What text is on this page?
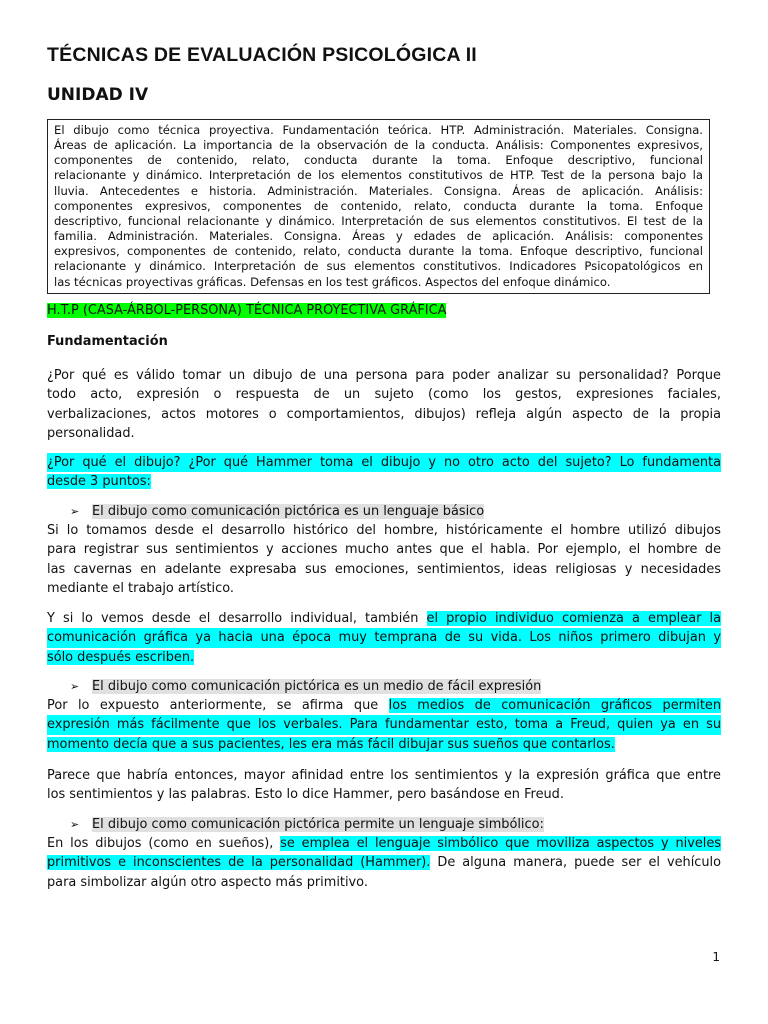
TÉCNICAS DE EVALUACIÓN PSICOLÓGICA II
UNIDAD IV
El dibujo como técnica proyectiva. Fundamentación teórica. HTP. Administración. Materiales. Consigna.
Áreas de aplicación. La importancia de la observación de la conducta. Análisis: Componentes expresivos,
componentes de contenido, relato, conducta durante la toma. Enfoque descriptivo, funcional
relacionante y dinámico. Interpretación de los elementos constitutivos de HTP. Test de la persona bajo la
lluvia. Antecedentes e historia. Administración. Materiales. Consigna. Áreas de aplicación. Análisis:
componentes expresivos, componentes de contenido, relato, conducta durante la toma. Enfoque
descriptivo, funcional relacionante y dinámico. Interpretación de sus elementos constitutivos. El test de la
familia. Administración. Materiales. Consigna. Áreas y edades de aplicación. Análisis: componentes
expresivos, componentes de contenido, relato, conducta durante la toma. Enfoque descriptivo, funcional
relacionante y dinámico. Interpretación de sus elementos constitutivos. Indicadores Psicopatológicos en
las técnicas proyectivas gráficas. Defensas en los test gráficos. Aspectos del enfoque dinámico.

H.T.P (CASA-ÁRBOL-PERSONA) TÉCNICA PROYECTIVA GRÁFICA

Fundamentación

¿Por qué es válido tomar un dibujo de una persona para poder analizar su personalidad? Porque
todo acto, expresión o respuesta de un sujeto (como los gestos, expresiones faciales,
verbalizaciones, actos motores o comportamientos, dibujos) refleja algún aspecto de la propia
personalidad.

¿Por qué el dibujo? ¿Por qué Hammer toma el dibujo y no otro acto del sujeto? Lo fundamenta
desde 3 puntos:

➢ El dibujo como comunicación pictórica es un lenguaje básico

Si lo tomamos desde el desarrollo histórico del hombre, históricamente el hombre utilizó dibujos
para registrar sus sentimientos y acciones mucho antes que el habla. Por ejemplo, el hombre de
las cavernas en adelante expresaba sus emociones, sentimientos, ideas religiosas y necesidades
mediante el trabajo artístico.

Y si lo vemos desde el desarrollo individual, también el propio individuo comienza a emplear la
comunicación gráfica ya hacia una época muy temprana de su vida. Los niños primero dibujan y
sólo después escriben.

➢ El dibujo como comunicación pictórica es un medio de fácil expresión

Por lo expuesto anteriormente, se afirma que los medios de comunicación gráficos permiten
expresión más fácilmente que los verbales. Para fundamentar esto, toma a Freud, quien ya en su
momento decía que a sus pacientes, les era más fácil dibujar sus sueños que contarlos.

Parece que habría entonces, mayor afinidad entre los sentimientos y la expresión gráfica que entre
los sentimientos y las palabras. Esto lo dice Hammer, pero basándose en Freud.

➢ El dibujo como comunicación pictórica permite un lenguaje simbólico:

En los dibujos (como en sueños), se emplea el lenguaje simbólico que moviliza aspectos y niveles
primitivos e inconscientes de la personalidad (Hammer). De alguna manera, puede ser el vehículo
para simbolizar algún otro aspecto más primitivo.

1
